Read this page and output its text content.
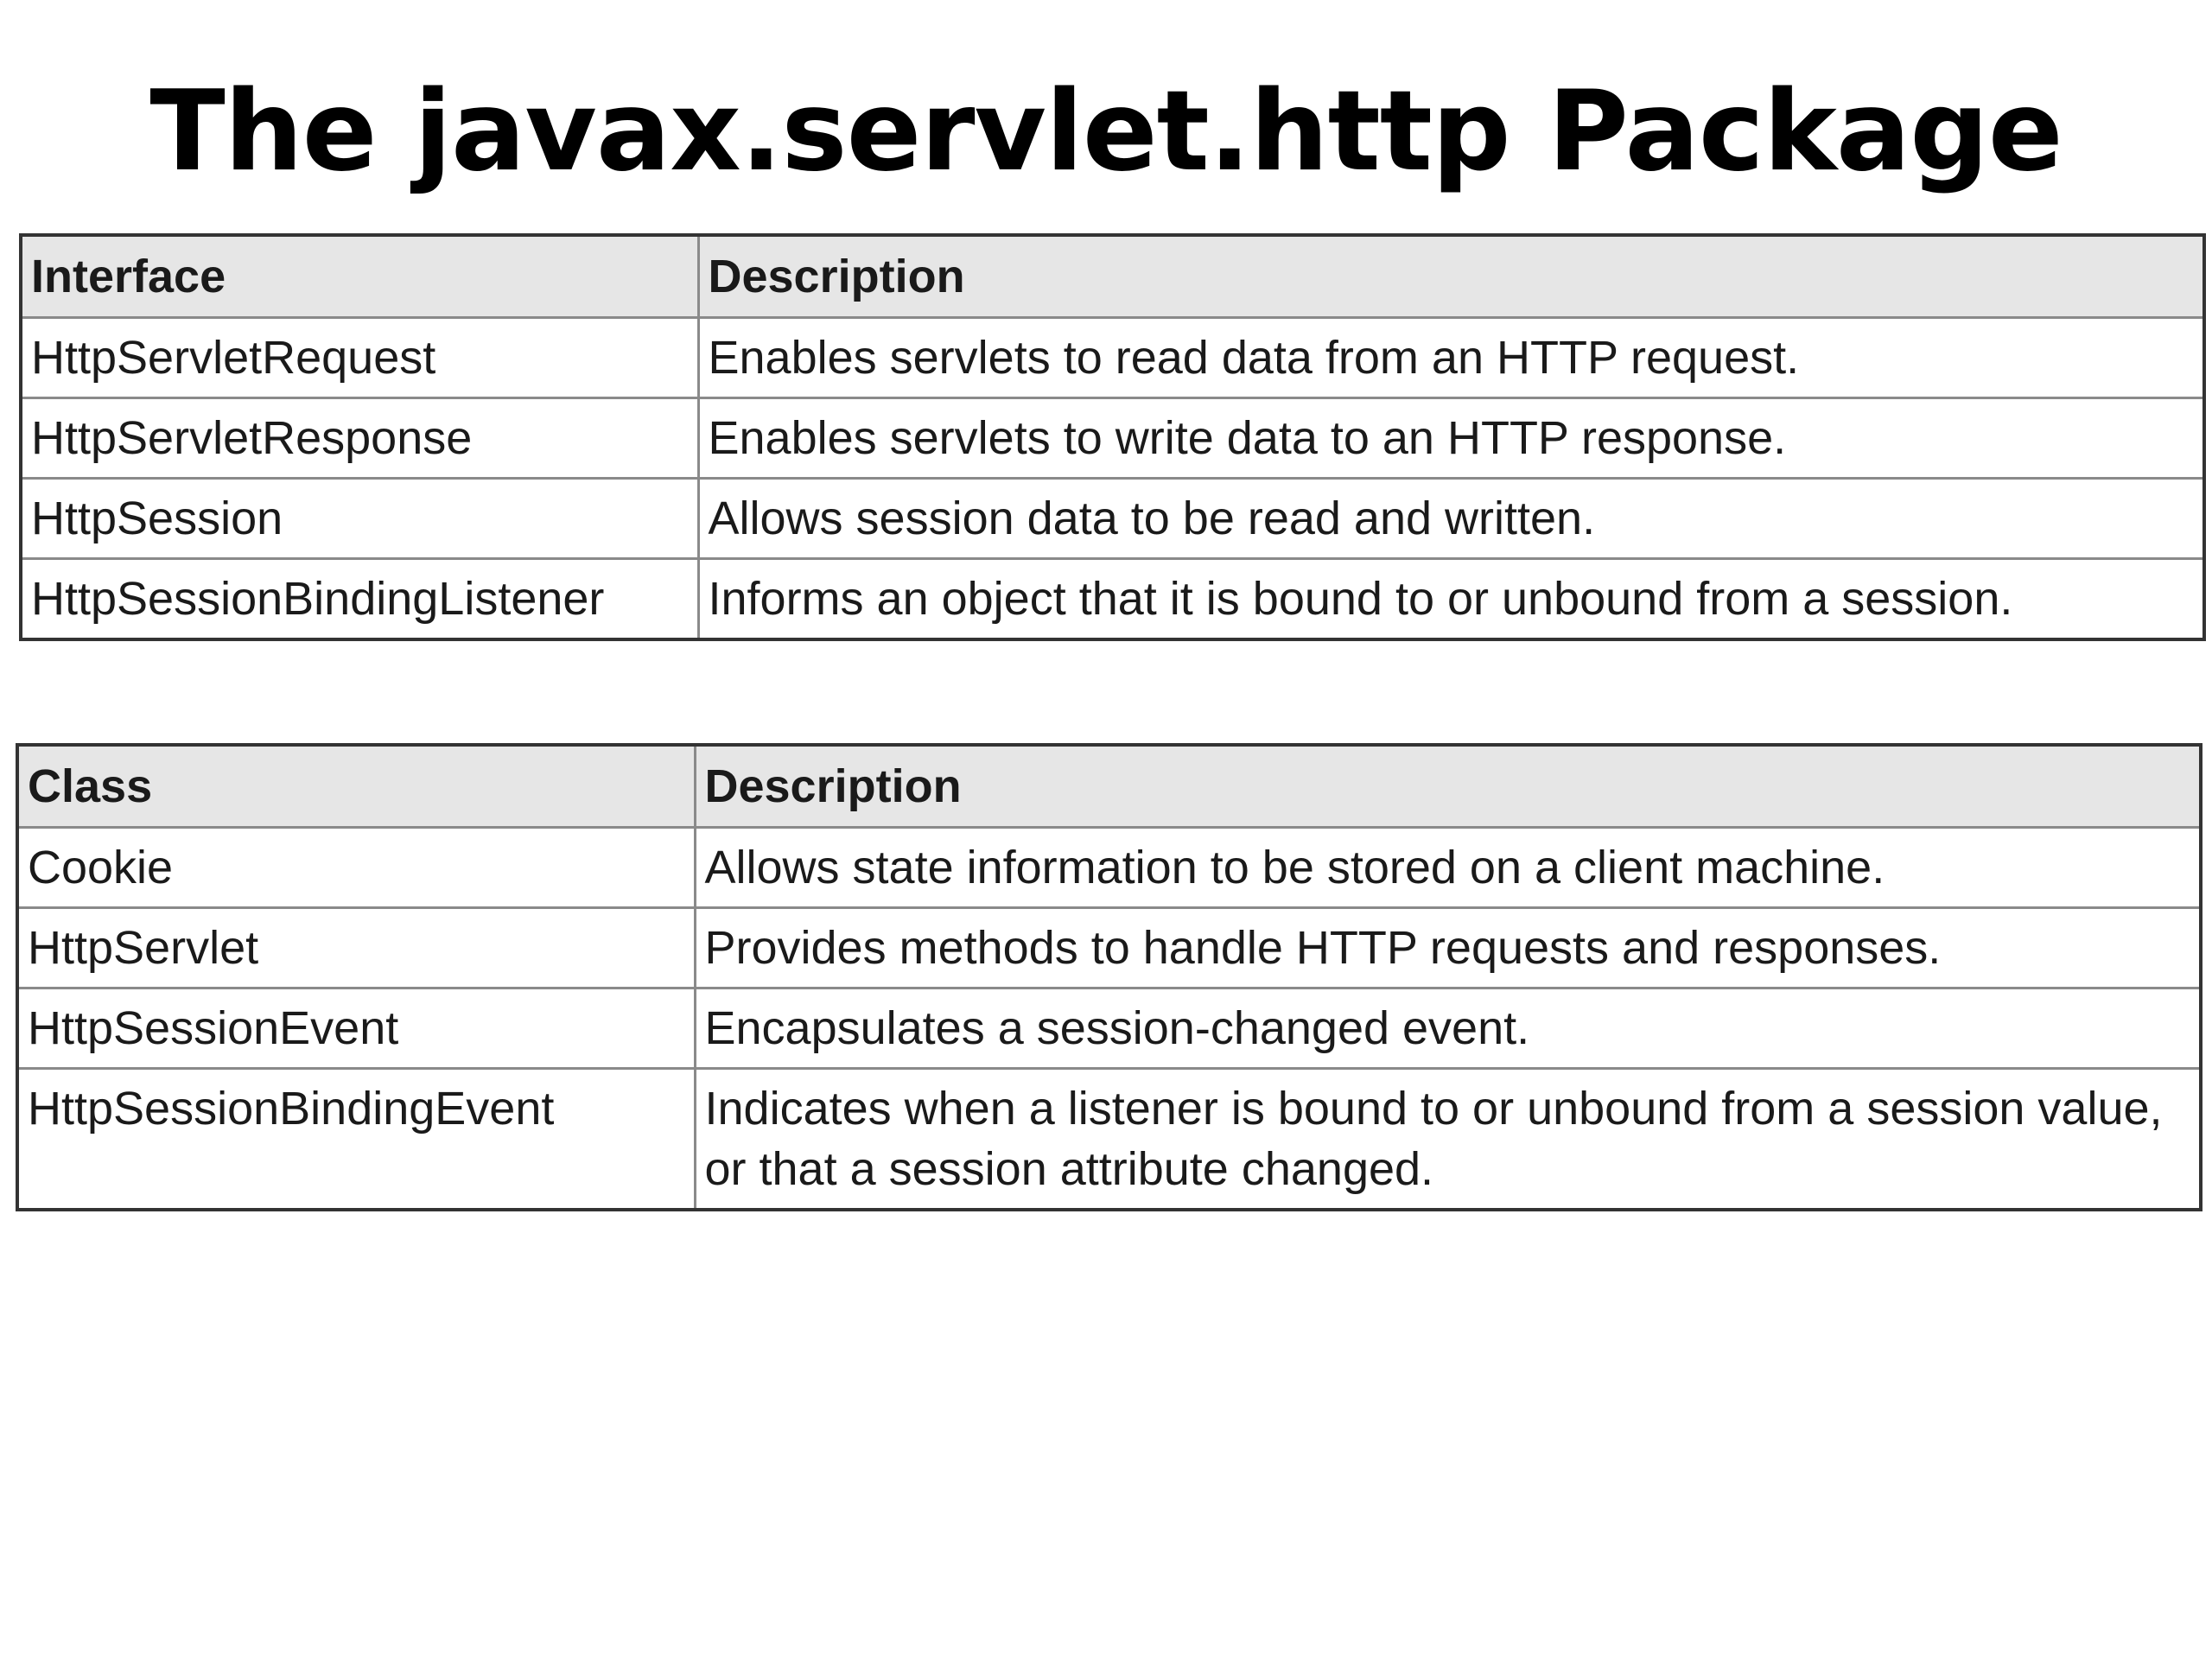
The javax.servlet.http Package
Interface	Description
HttpServletRequest	Enables servlets to read data from an HTTP request.
HttpServletResponse	Enables servlets to write data to an HTTP response.
HttpSession	Allows session data to be read and written.
HttpSessionBindingListener	Informs an object that it is bound to or unbound from a session.
Class	Description
Cookie	Allows state information to be stored on a client machine.
HttpServlet	Provides methods to handle HTTP requests and responses.
HttpSessionEvent	Encapsulates a session-changed event.
HttpSessionBindingEvent	Indicates when a listener is bound to or unbound from a session value, or that a session attribute changed.
